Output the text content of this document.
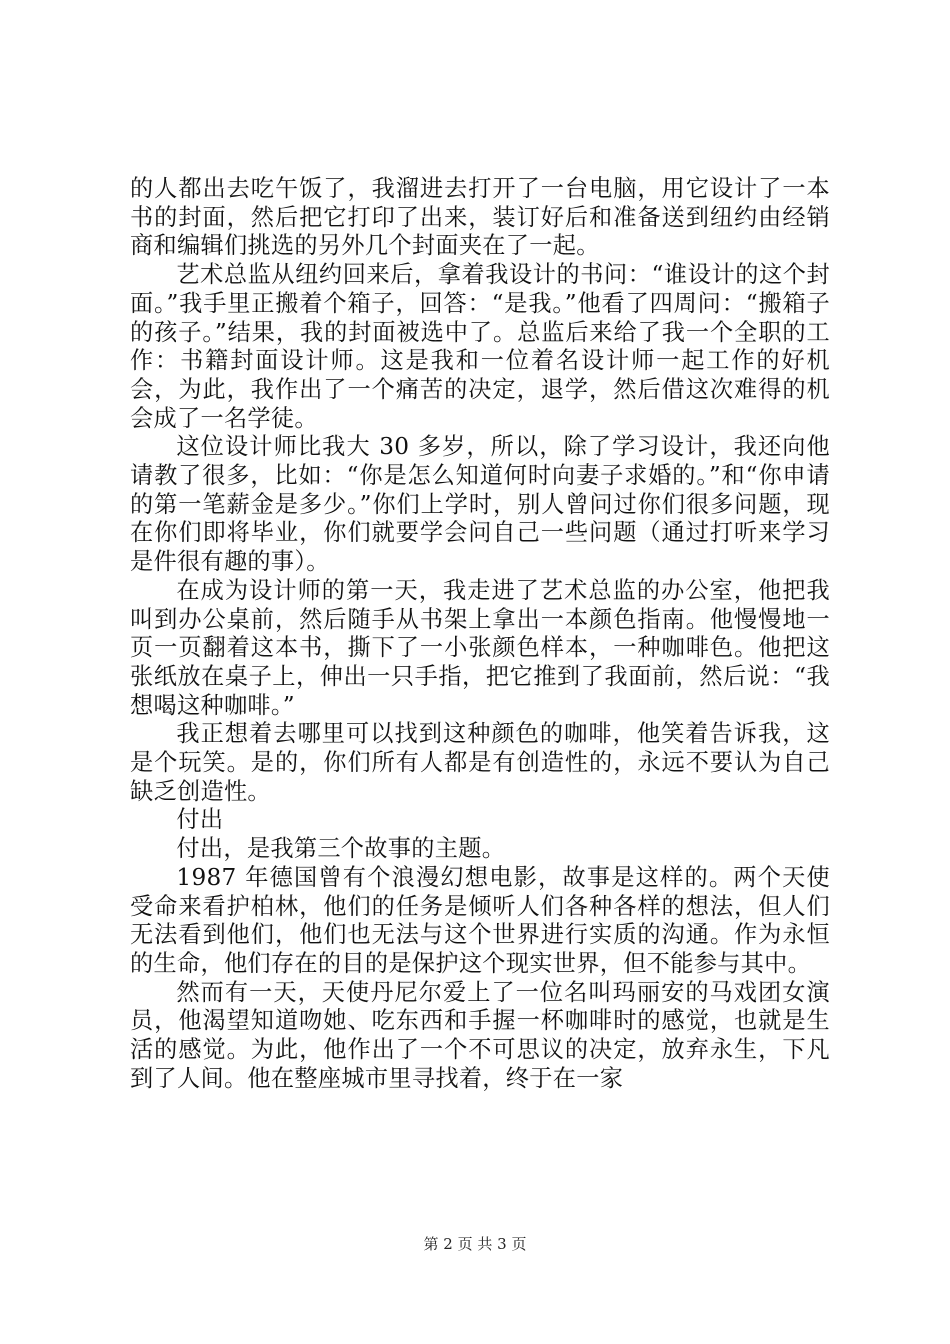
的人都出去吃午饭了，我溜进去打开了一台电脑，用它设计了一本书的封面，然后把它打印了出来，装订好后和准备送到纽约由经销商和编辑们挑选的另外几个封面夹在了一起。

艺术总监从纽约回来后，拿着我设计的书问：“谁设计的这个封面。”我手里正搬着个箱子，回答：“是我。”他看了四周问：“搬箱子的孩子。”结果，我的封面被选中了。总监后来给了我一个全职的工作：书籍封面设计师。这是我和一位着名设计师一起工作的好机会，为此，我作出了一个痛苦的决定，退学，然后借这次难得的机会成了一名学徒。

这位设计师比我大 30 多岁，所以，除了学习设计，我还向他请教了很多，比如：“你是怎么知道何时向妻子求婚的。”和“你申请的第一笔薪金是多少。”你们上学时，别人曾问过你们很多问题，现在你们即将毕业，你们就要学会问自己一些问题（通过打听来学习是件很有趣的事）。

在成为设计师的第一天，我走进了艺术总监的办公室，他把我叫到办公桌前，然后随手从书架上拿出一本颜色指南。他慢慢地一页一页翻着这本书，撕下了一小张颜色样本，一种咖啡色。他把这张纸放在桌子上，伸出一只手指，把它推到了我面前，然后说：“我想喝这种咖啡。”

我正想着去哪里可以找到这种颜色的咖啡，他笑着告诉我，这是个玩笑。是的，你们所有人都是有创造性的，永远不要认为自己缺乏创造性。

付出

付出，是我第三个故事的主题。

1987 年德国曾有个浪漫幻想电影，故事是这样的。两个天使受命来看护柏林，他们的任务是倾听人们各种各样的想法，但人们无法看到他们，他们也无法与这个世界进行实质的沟通。作为永恒的生命，他们存在的目的是保护这个现实世界，但不能参与其中。

然而有一天，天使丹尼尔爱上了一位名叫玛丽安的马戏团女演员，他渴望知道吻她、吃东西和手握一杯咖啡时的感觉，也就是生活的感觉。为此，他作出了一个不可思议的决定，放弃永生，下凡到了人间。他在整座城市里寻找着，终于在一家

第 2 页 共 3 页
